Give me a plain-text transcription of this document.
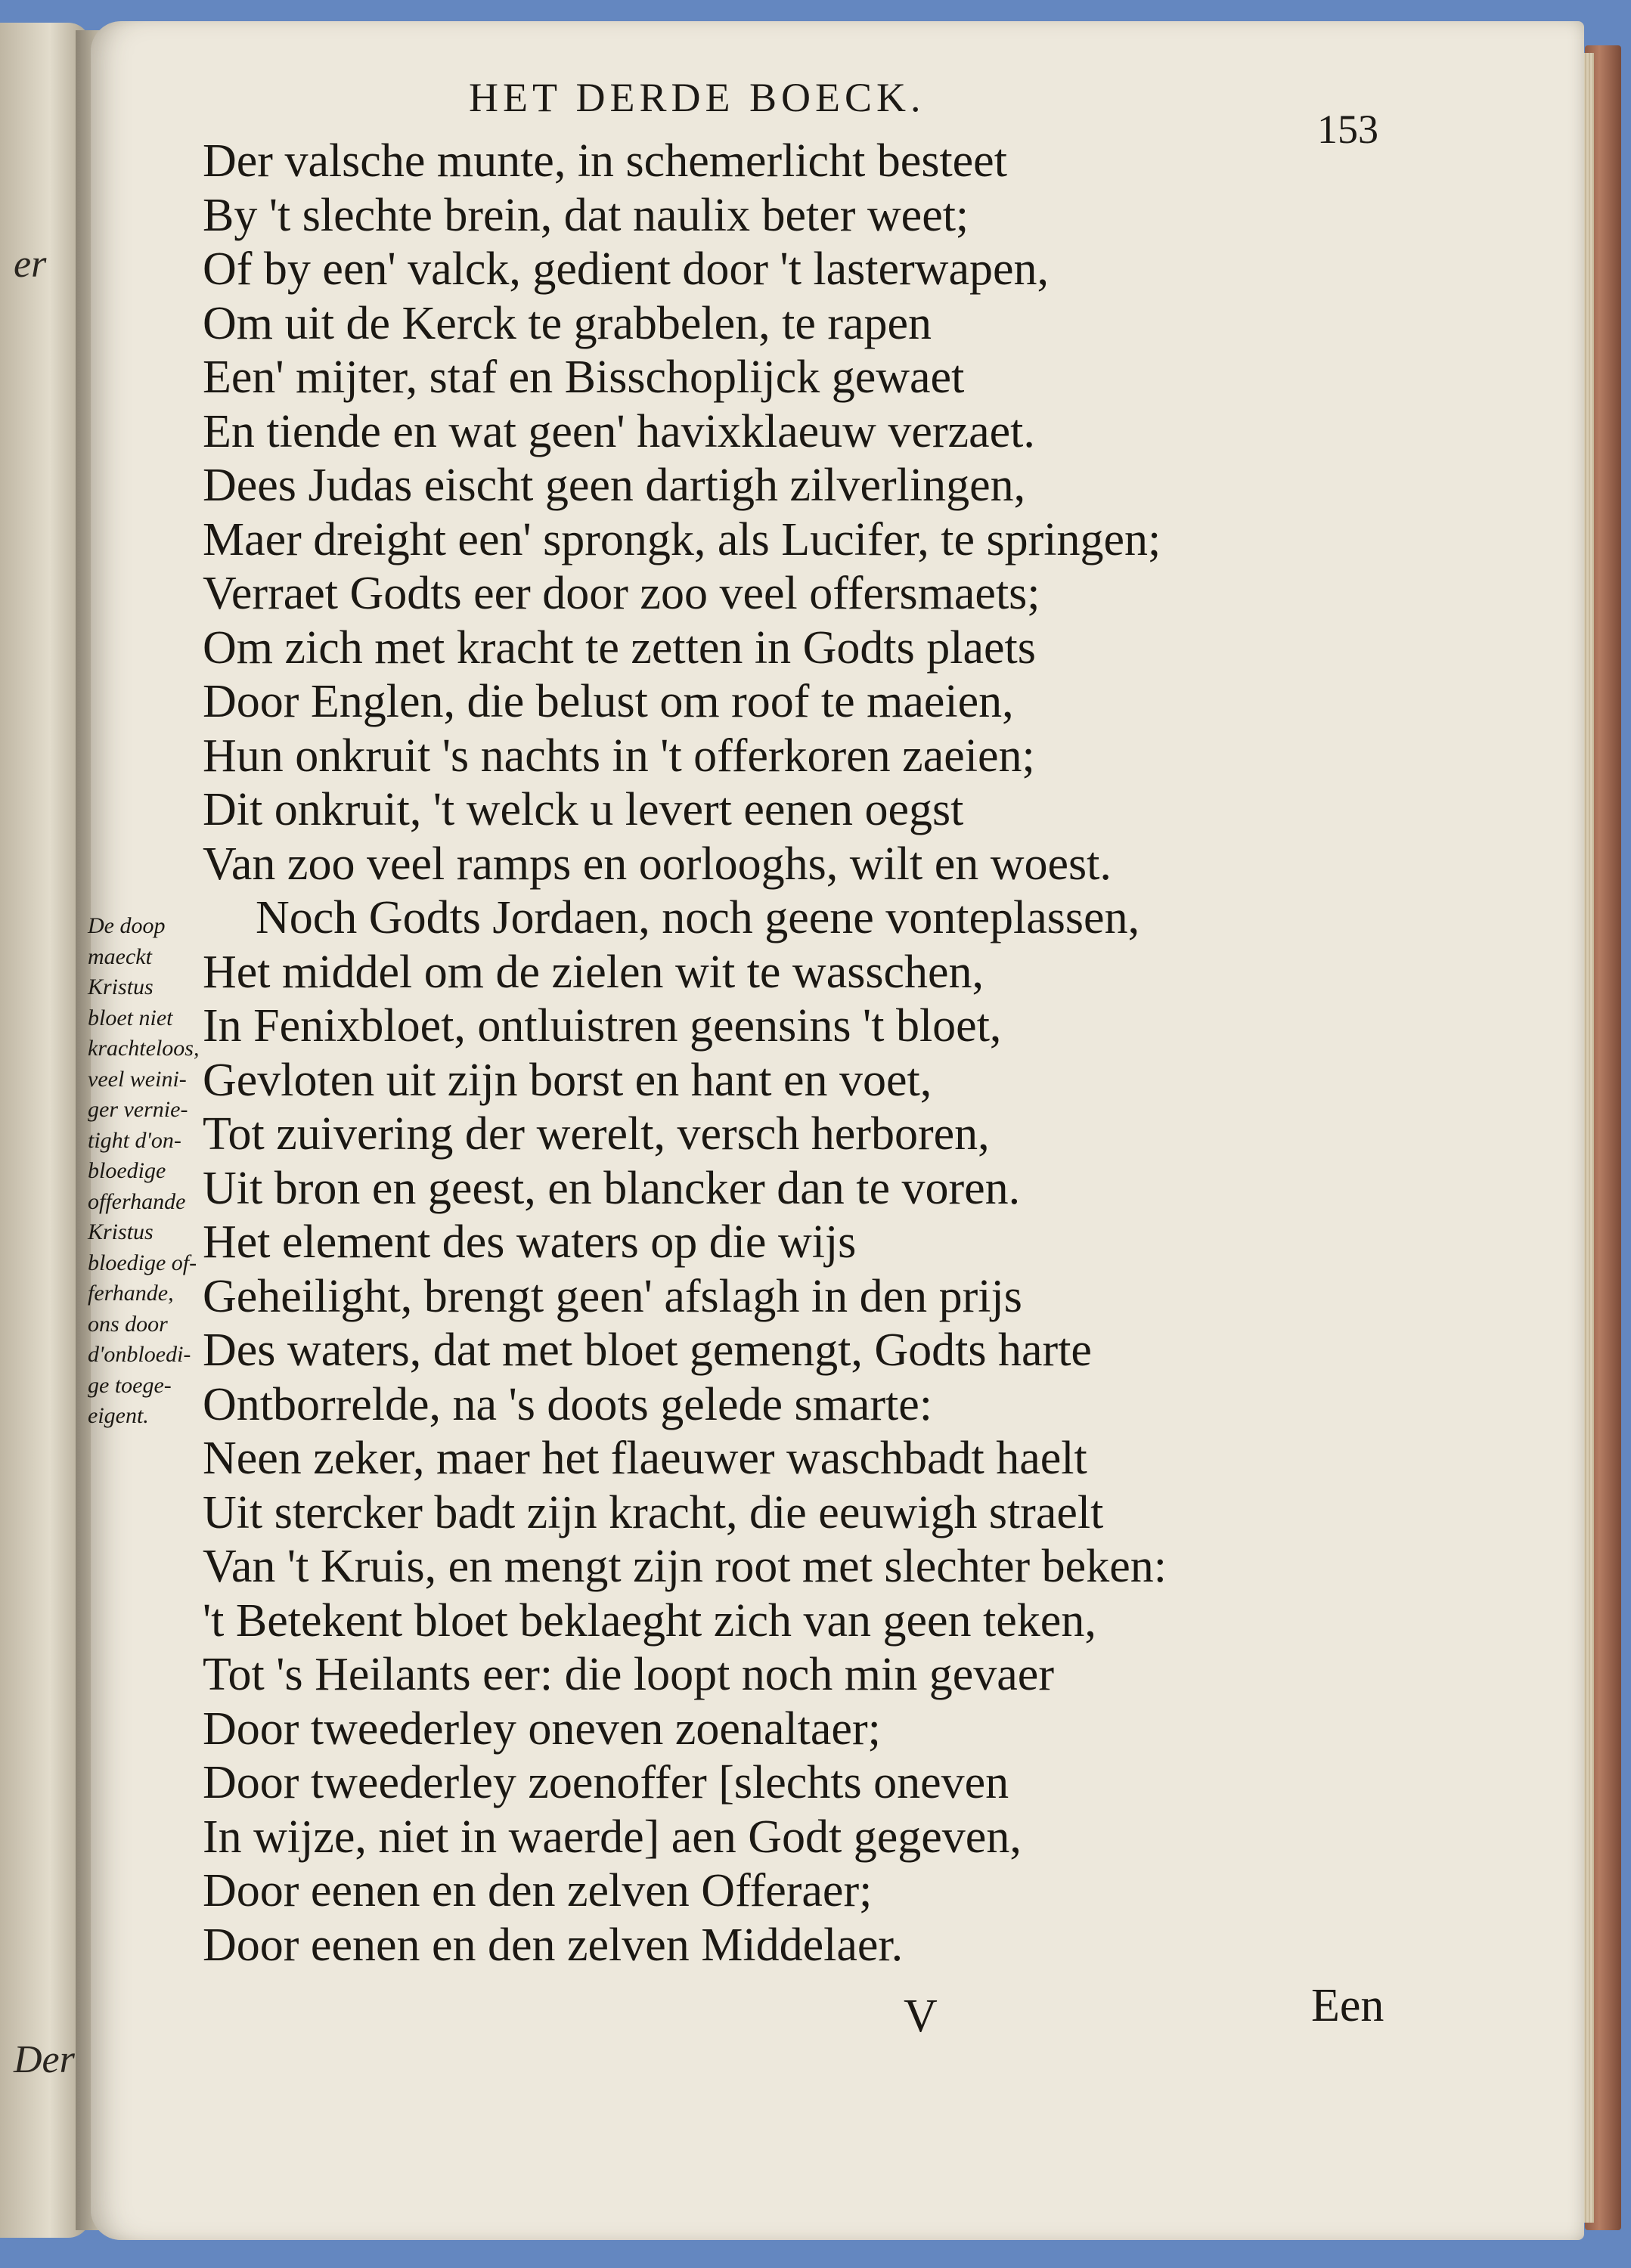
er
Der
HET DERDE BOECK.
153
Der valsche munte, in schemerlicht besteet
By 't slechte brein, dat naulix beter weet;
Of by een' valck, gedient door 't lasterwapen,
Om uit de Kerck te grabbelen, te rapen
Een' mijter, staf en Bisschoplijck gewaet
En tiende en wat geen' havixklaeuw verzaet.
Dees Judas eischt geen dartigh zilverlingen,
Maer dreight een' sprongk, als Lucifer, te springen;
Verraet Godts eer door zoo veel offersmaets;
Om zich met kracht te zetten in Godts plaets
Door Englen, die belust om roof te maeien,
Hun onkruit 's nachts in 't offerkoren zaeien;
Dit onkruit, 't welck u levert eenen oegst
Van zoo veel ramps en oorlooghs, wilt en woest.
Noch Godts Jordaen, noch geene vonteplassen,
Het middel om de zielen wit te wasschen,
In Fenixbloet, ontluistren geensins 't bloet,
Gevloten uit zijn borst en hant en voet,
Tot zuivering der werelt, versch herboren,
Uit bron en geest, en blancker dan te voren.
Het element des waters op die wijs
Geheilight, brengt geen' afslagh in den prijs
Des waters, dat met bloet gemengt, Godts harte
Ontborrelde, na 's doots gelede smarte:
Neen zeker, maer het flaeuwer waschbadt haelt
Uit stercker badt zijn kracht, die eeuwigh straelt
Van 't Kruis, en mengt zijn root met slechter beken:
't Betekent bloet beklaeght zich van geen teken,
Tot 's Heilants eer: die loopt noch min gevaer
Door tweederley oneven zoenaltaer;
Door tweederley zoenoffer [slechts oneven
In wijze, niet in waerde] aen Godt gegeven,
Door eenen en den zelven Offeraer;
Door eenen en den zelven Middelaer.
De doop
maeckt
Kristus
bloet niet
krachteloos,
veel weini-
ger vernie-
tight d'on-
bloedige
offerhande
Kristus
bloedige of-
ferhande,
ons door
d'onbloedi-
ge toege-
eigent.
V	Een
